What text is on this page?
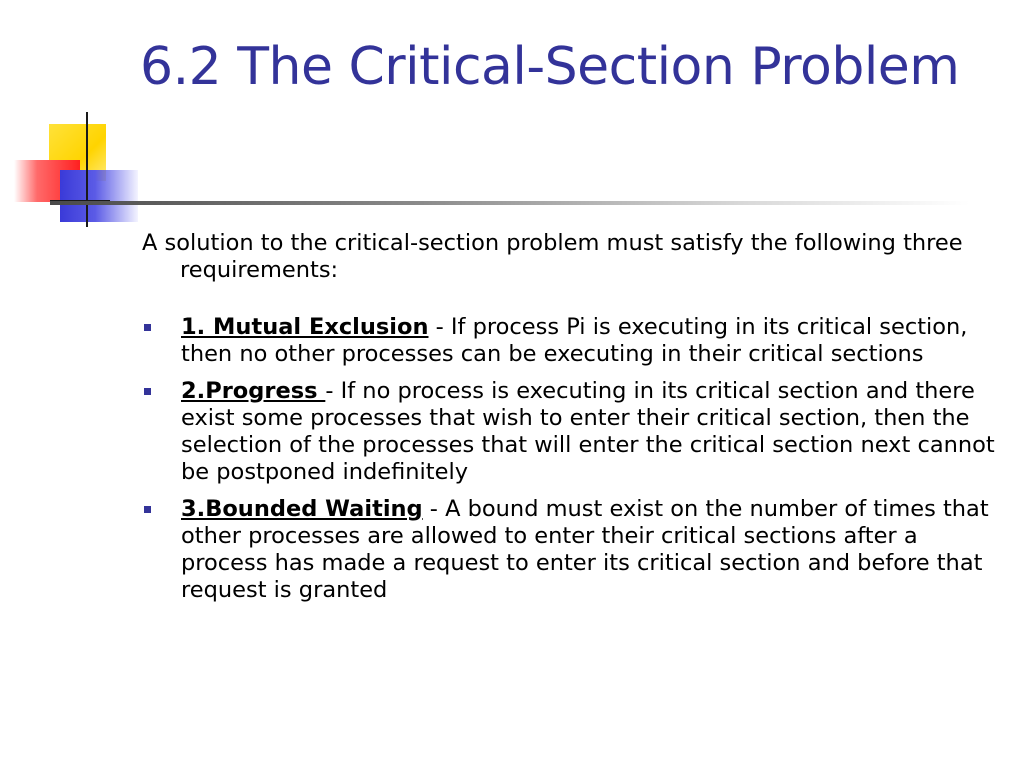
6.2 The Critical-Section Problem

A solution to the critical-section problem must satisfy the following three requirements:

1. Mutual Exclusion - If process Pi is executing in its critical section, then no other processes can be executing in their critical sections
2.Progress - If no process is executing in its critical section and there exist some processes that wish to enter their critical section, then the selection of the processes that will enter the critical section next cannot be postponed indefinitely
3.Bounded Waiting - A bound must exist on the number of times that other processes are allowed to enter their critical sections after a process has made a request to enter its critical section and before that request is granted
